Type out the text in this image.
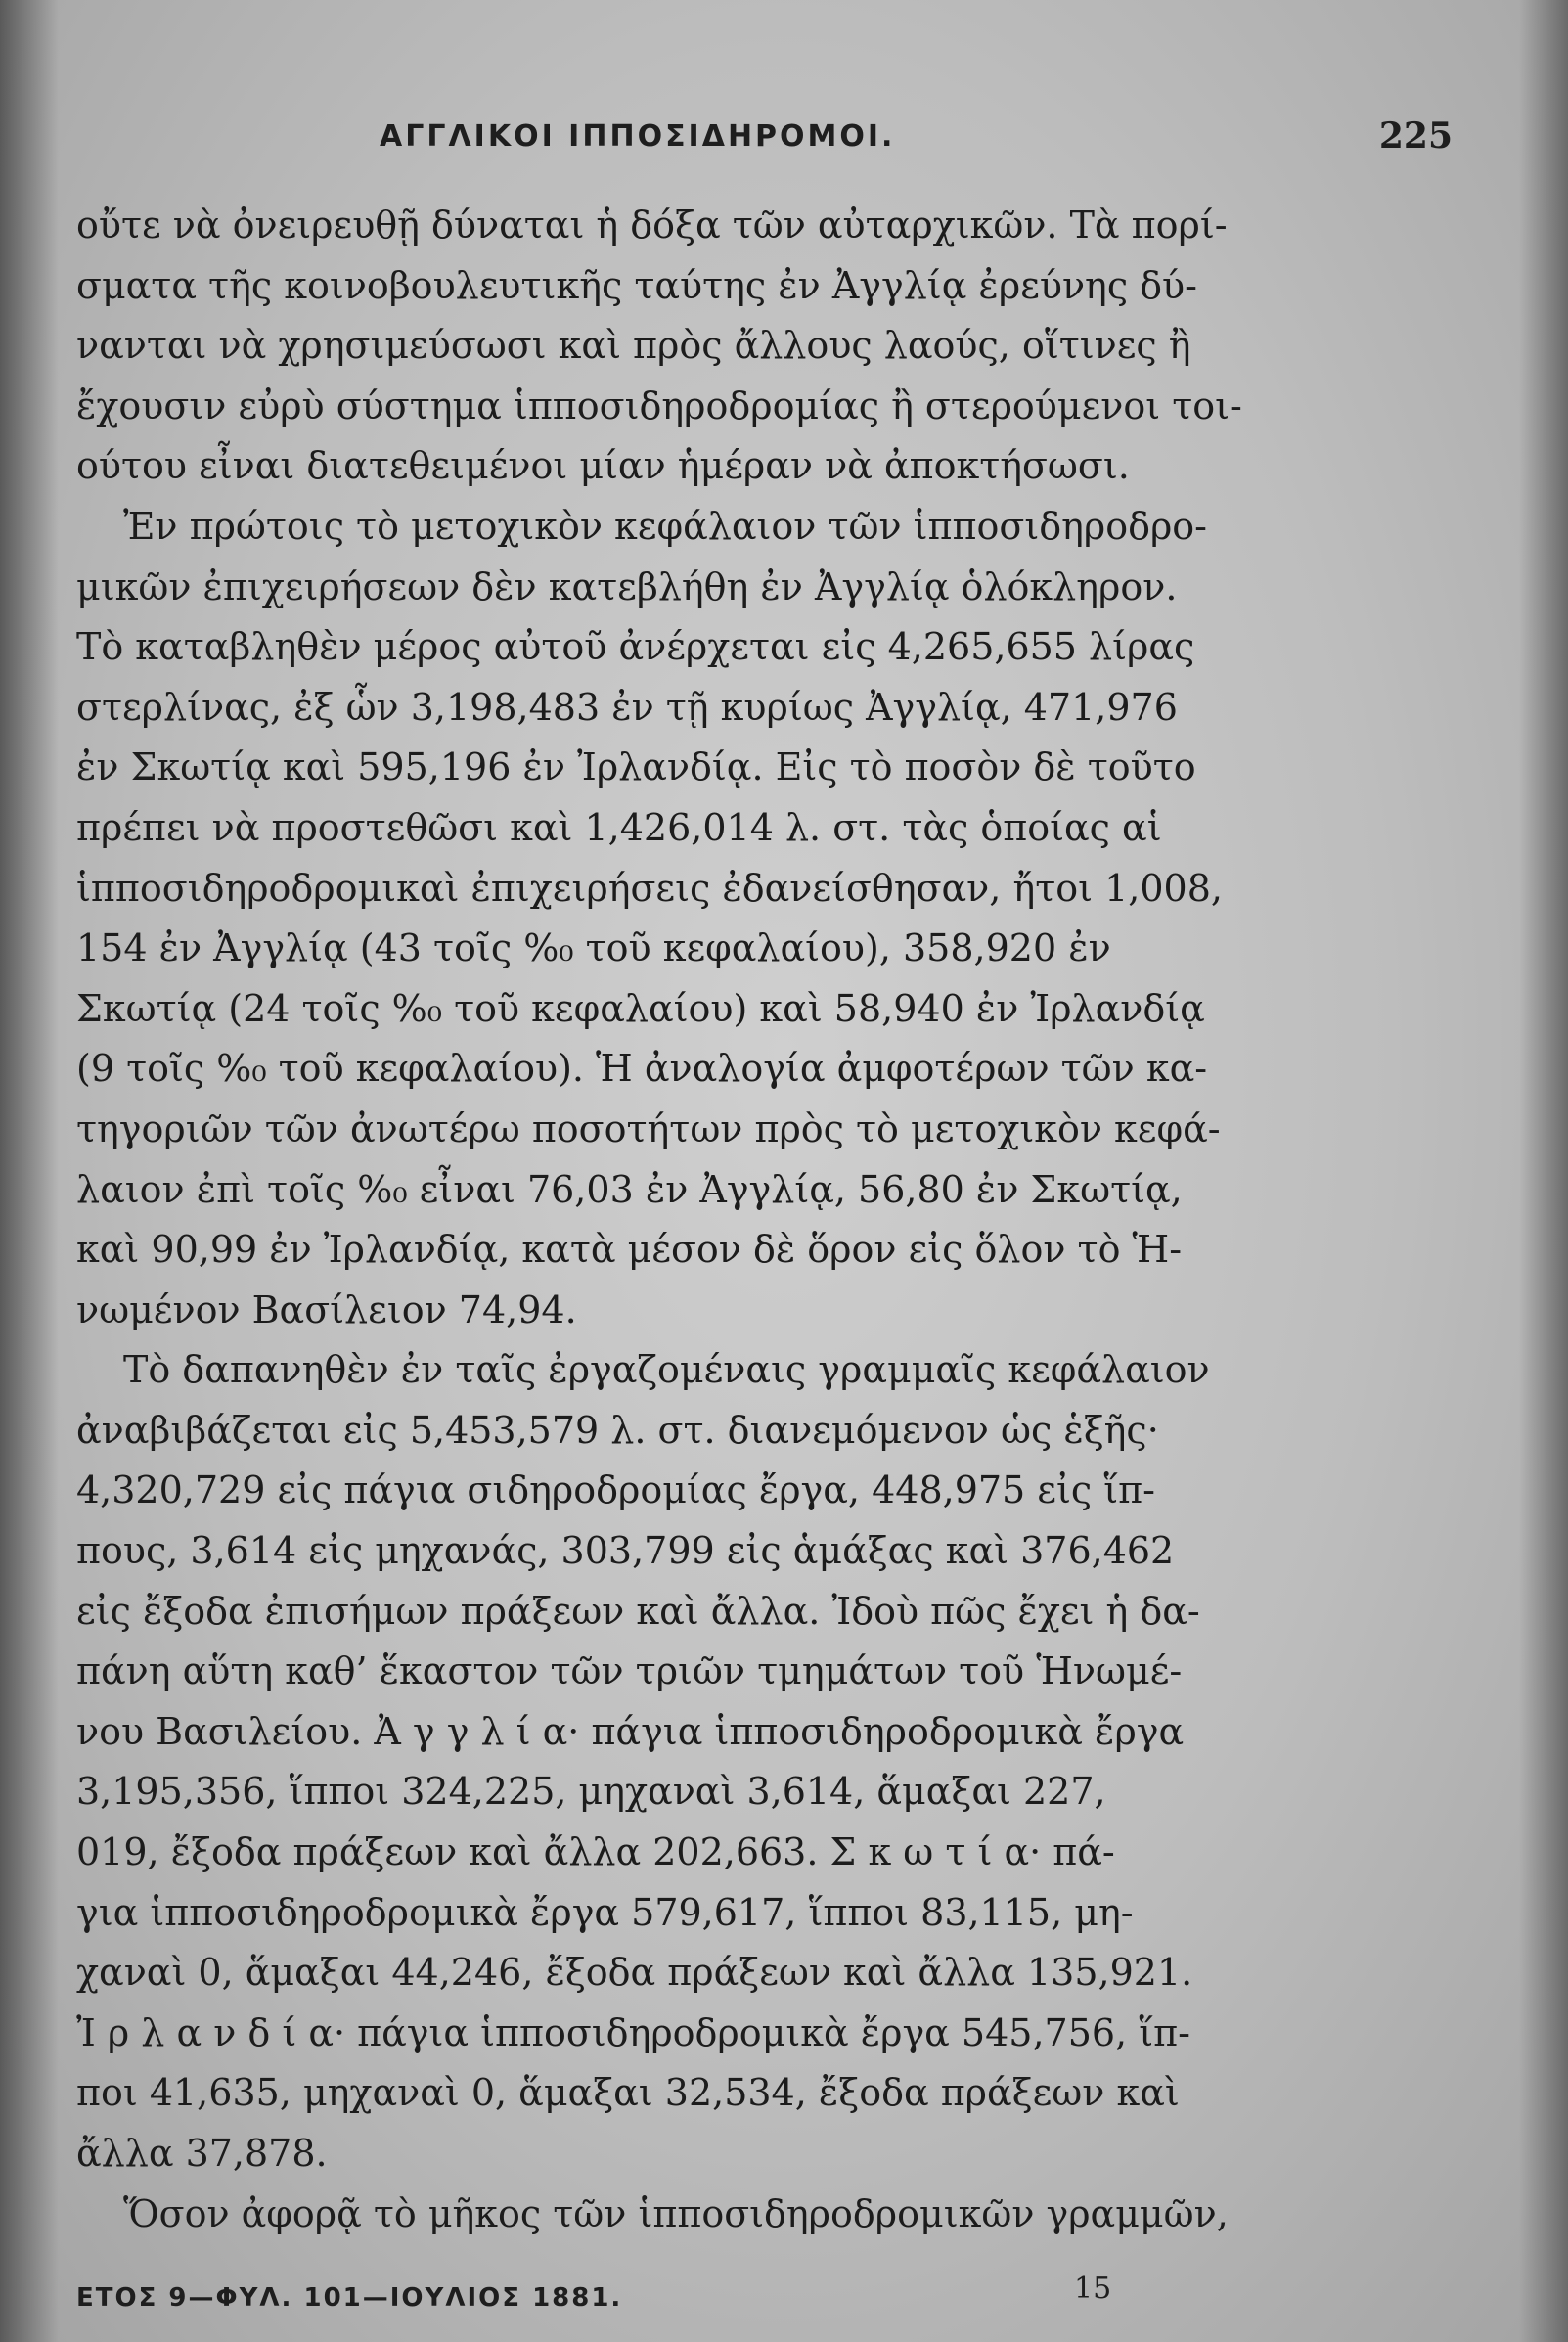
ΑΓΓΛΙΚΟΙ ΙΠΠΟΣΙΔΗΡΟΜΟΙ.	225
οὔτε νὰ ὀνειρευθῇ δύναται ἡ δόξα τῶν αὐταρχικῶν. Τὰ πορί-
σματα τῆς κοινοβουλευτικῆς ταύτης ἐν Ἀγγλίᾳ ἐρεύνης δύ-
νανται νὰ χρησιμεύσωσι καὶ πρὸς ἄλλους λαούς, οἵτινες ἢ
ἔχουσιν εὐρὺ σύστημα ἱπποσιδηροδρομίας ἢ στερούμενοι τοι-
ούτου εἶναι διατεθειμένοι μίαν ἡμέραν νὰ ἀποκτήσωσι.
Ἐν πρώτοις τὸ μετοχικὸν κεφάλαιον τῶν ἱπποσιδηροδρο-
μικῶν ἐπιχειρήσεων δὲν κατεβλήθη ἐν Ἀγγλίᾳ ὁλόκληρον.
Τὸ καταβληθὲν μέρος αὐτοῦ ἀνέρχεται εἰς 4,265,655 λίρας
στερλίνας, ἐξ ὧν 3,198,483 ἐν τῇ κυρίως Ἀγγλίᾳ, 471,976
ἐν Σκωτίᾳ καὶ 595,196 ἐν Ἰρλανδίᾳ. Εἰς τὸ ποσὸν δὲ τοῦτο
πρέπει νὰ προστεθῶσι καὶ 1,426,014 λ. στ. τὰς ὁποίας αἱ
ἱπποσιδηροδρομικαὶ ἐπιχειρήσεις ἐδανείσθησαν, ἤτοι 1,008,
154 ἐν Ἀγγλίᾳ (43 τοῖς %₀ τοῦ κεφαλαίου), 358,920 ἐν
Σκωτίᾳ (24 τοῖς %₀ τοῦ κεφαλαίου) καὶ 58,940 ἐν Ἰρλανδίᾳ
(9 τοῖς %₀ τοῦ κεφαλαίου). Ἡ ἀναλογία ἀμφοτέρων τῶν κα-
τηγοριῶν τῶν ἀνωτέρω ποσοτήτων πρὸς τὸ μετοχικὸν κεφά-
λαιον ἐπὶ τοῖς %₀ εἶναι 76,03 ἐν Ἀγγλίᾳ, 56,80 ἐν Σκωτίᾳ,
καὶ 90,99 ἐν Ἰρλανδίᾳ, κατὰ μέσον δὲ ὅρον εἰς ὅλον τὸ Ἡ-
νωμένον Βασίλειον 74,94.
Τὸ δαπανηθὲν ἐν ταῖς ἐργαζομέναις γραμμαῖς κεφάλαιον
ἀναβιβάζεται εἰς 5,453,579 λ. στ. διανεμόμενον ὡς ἑξῆς·
4,320,729 εἰς πάγια σιδηροδρομίας ἔργα, 448,975 εἰς ἵπ-
πους, 3,614 εἰς μηχανάς, 303,799 εἰς ἁμάξας καὶ 376,462
εἰς ἔξοδα ἐπισήμων πράξεων καὶ ἄλλα. Ἰδοὺ πῶς ἔχει ἡ δα-
πάνη αὕτη καθ’ ἕκαστον τῶν τριῶν τμημάτων τοῦ Ἡνωμέ-
νου Βασιλείου. Ἀ γ γ λ ί α· πάγια ἱπποσιδηροδρομικὰ ἔργα
3,195,356, ἵπποι 324,225, μηχαναὶ 3,614, ἅμαξαι 227,
019, ἔξοδα πράξεων καὶ ἄλλα 202,663. Σ κ ω τ ί α· πά-
για ἱπποσιδηροδρομικὰ ἔργα 579,617, ἵπποι 83,115, μη-
χαναὶ 0, ἅμαξαι 44,246, ἔξοδα πράξεων καὶ ἄλλα 135,921.
Ἰ ρ λ α ν δ ί α· πάγια ἱπποσιδηροδρομικὰ ἔργα 545,756, ἵπ-
ποι 41,635, μηχαναὶ 0, ἅμαξαι 32,534, ἔξοδα πράξεων καὶ
ἄλλα 37,878.
Ὅσον ἀφορᾷ τὸ μῆκος τῶν ἱπποσιδηροδρομικῶν γραμμῶν,
ΕΤΟΣ 9—ΦΥΛ. 101—ΙΟΥΛΙΟΣ 1881.	15
